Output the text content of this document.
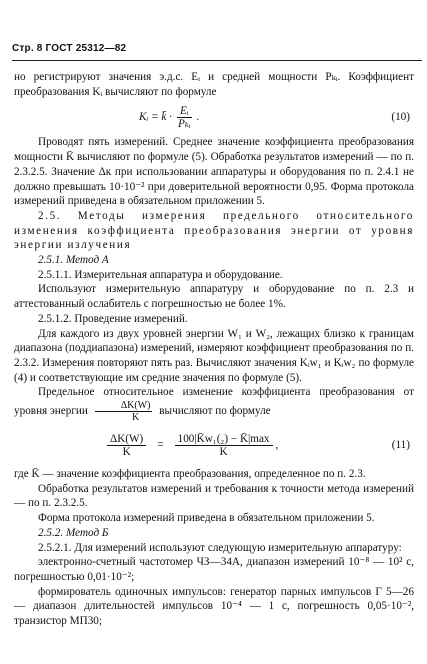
Стр. 8 ГОСТ 25312—82

но регистрируют значения э.д.с. Eᵢ и средней мощности Pₖᵢ. Коэффициент преобразования Kᵢ вычисляют по формуле

Kᵢ = k̄ · $\frac{\text{Eᵢ}}{\text{Pₖᵢ}}$ .	(10)

Проводят пять измерений. Среднее значение коэффициента преобразования мощности K̄ вычисляют по формуле (5). Обработка результатов измерений — по п. 2.3.2.5. Значение Δк при использовании аппаратуры и оборудования по п. 2.4.1 не должно превышать 10·10⁻² при доверительной вероятности 0,95. Форма протокола измерений приведена в обязательном приложении 5.

2.5. Методы измерения предельного относительного изменения коэффициента преобразования энергии от уровня энергии излучения

2.5.1. Метод А

2.5.1.1. Измерительная аппаратура и оборудование.

Используют измерительную аппаратуру и оборудование по п. 2.3 и аттестованный ослабитель с погрешностью не более 1%.

2.5.1.2. Проведение измерений.

Для каждого из двух уровней энергии W₁ и W₂, лежащих близко к границам диапазона (поддиапазона) измерений, измеряют коэффициент преобразования по п. 2.3.2. Измерения повторяют пять раз. Вычисляют значения Kᵢw₁ и Kᵢw₂ по формуле (4) и соответствующие им средние значения по формуле (5).

Предельное относительное изменение коэффициента преобразования от уровня энергии $\frac{\Delta K(W)}{K}$ вычисляют по формуле

$\frac{\Delta K(W)}{K} = \frac{\text{100|K̄w₁(₂) − K̄|max}}{K}$ ,	(11)

где K̄ — значение коэффициента преобразования, определенное по п. 2.3.

Обработка результатов измерений и требования к точности метода измерений — по п. 2.3.2.5.

Форма протокола измерений приведена в обязательном приложении 5.

2.5.2. Метод Б

2.5.2.1. Для измерений используют следующую измерительную аппаратуру:

электронно-счетный частотомер ЧЗ—34А, диапазон измерений 10⁻⁸ — 10² с, погрешностью 0,01·10⁻²;

формирователь одиночных импульсов: генератор парных импульсов Г 5—26 — диапазон длительностей импульсов 10⁻⁴ — 1 с, погрешность 0,05·10⁻², транзистор МП30;
